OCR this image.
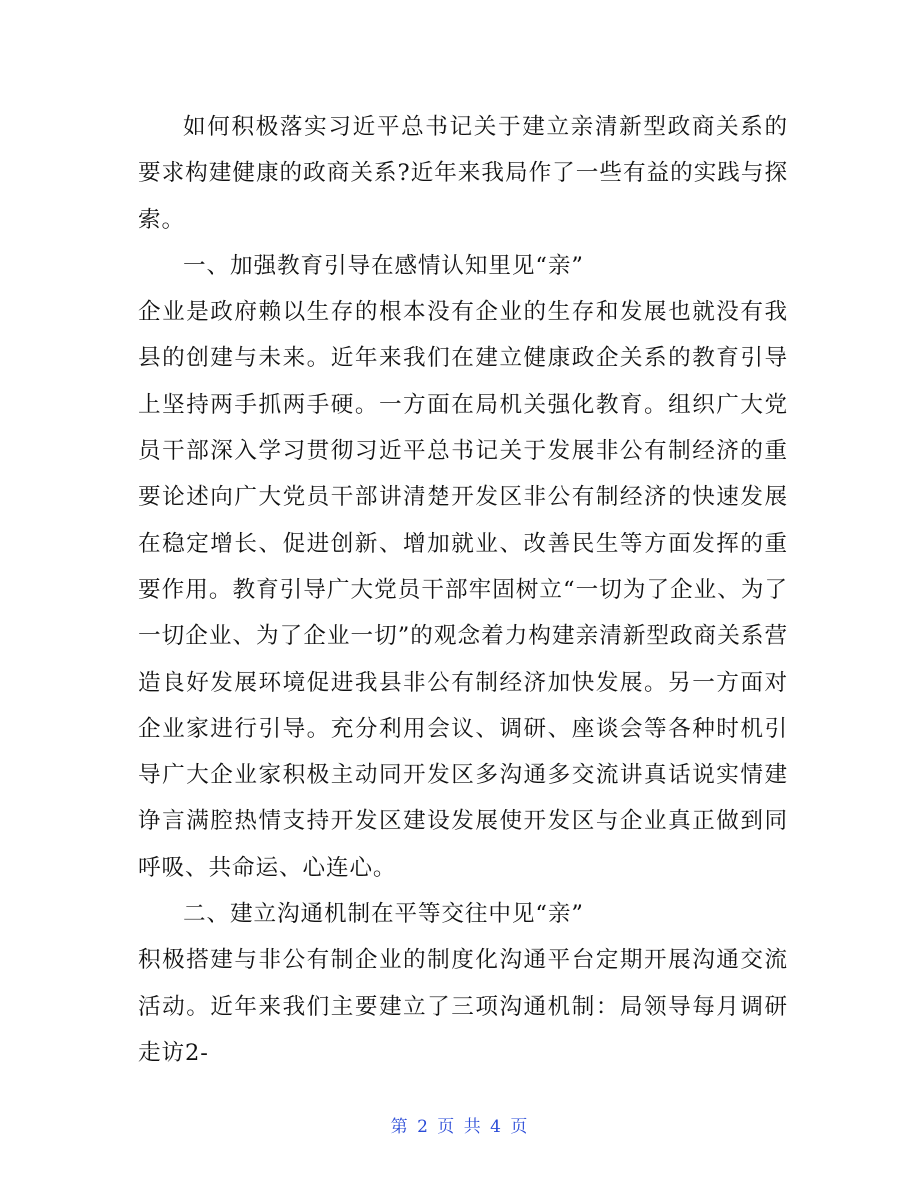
如何积极落实习近平总书记关于建立亲清新型政商关系的要求构建健康的政商关系?近年来我局作了一些有益的实践与探索。

一、加强教育引导在感情认知里见“亲”

企业是政府赖以生存的根本没有企业的生存和发展也就没有我县的创建与未来。近年来我们在建立健康政企关系的教育引导上坚持两手抓两手硬。一方面在局机关强化教育。组织广大党员干部深入学习贯彻习近平总书记关于发展非公有制经济的重要论述向广大党员干部讲清楚开发区非公有制经济的快速发展在稳定增长、促进创新、增加就业、改善民生等方面发挥的重要作用。教育引导广大党员干部牢固树立“一切为了企业、为了一切企业、为了企业一切”的观念着力构建亲清新型政商关系营造良好发展环境促进我县非公有制经济加快发展。另一方面对企业家进行引导。充分利用会议、调研、座谈会等各种时机引导广大企业家积极主动同开发区多沟通多交流讲真话说实情建诤言满腔热情支持开发区建设发展使开发区与企业真正做到同呼吸、共命运、心连心。

二、建立沟通机制在平等交往中见“亲”

积极搭建与非公有制企业的制度化沟通平台定期开展沟通交流活动。近年来我们主要建立了三项沟通机制：局领导每月调研走访2-

第 2 页 共 4 页
